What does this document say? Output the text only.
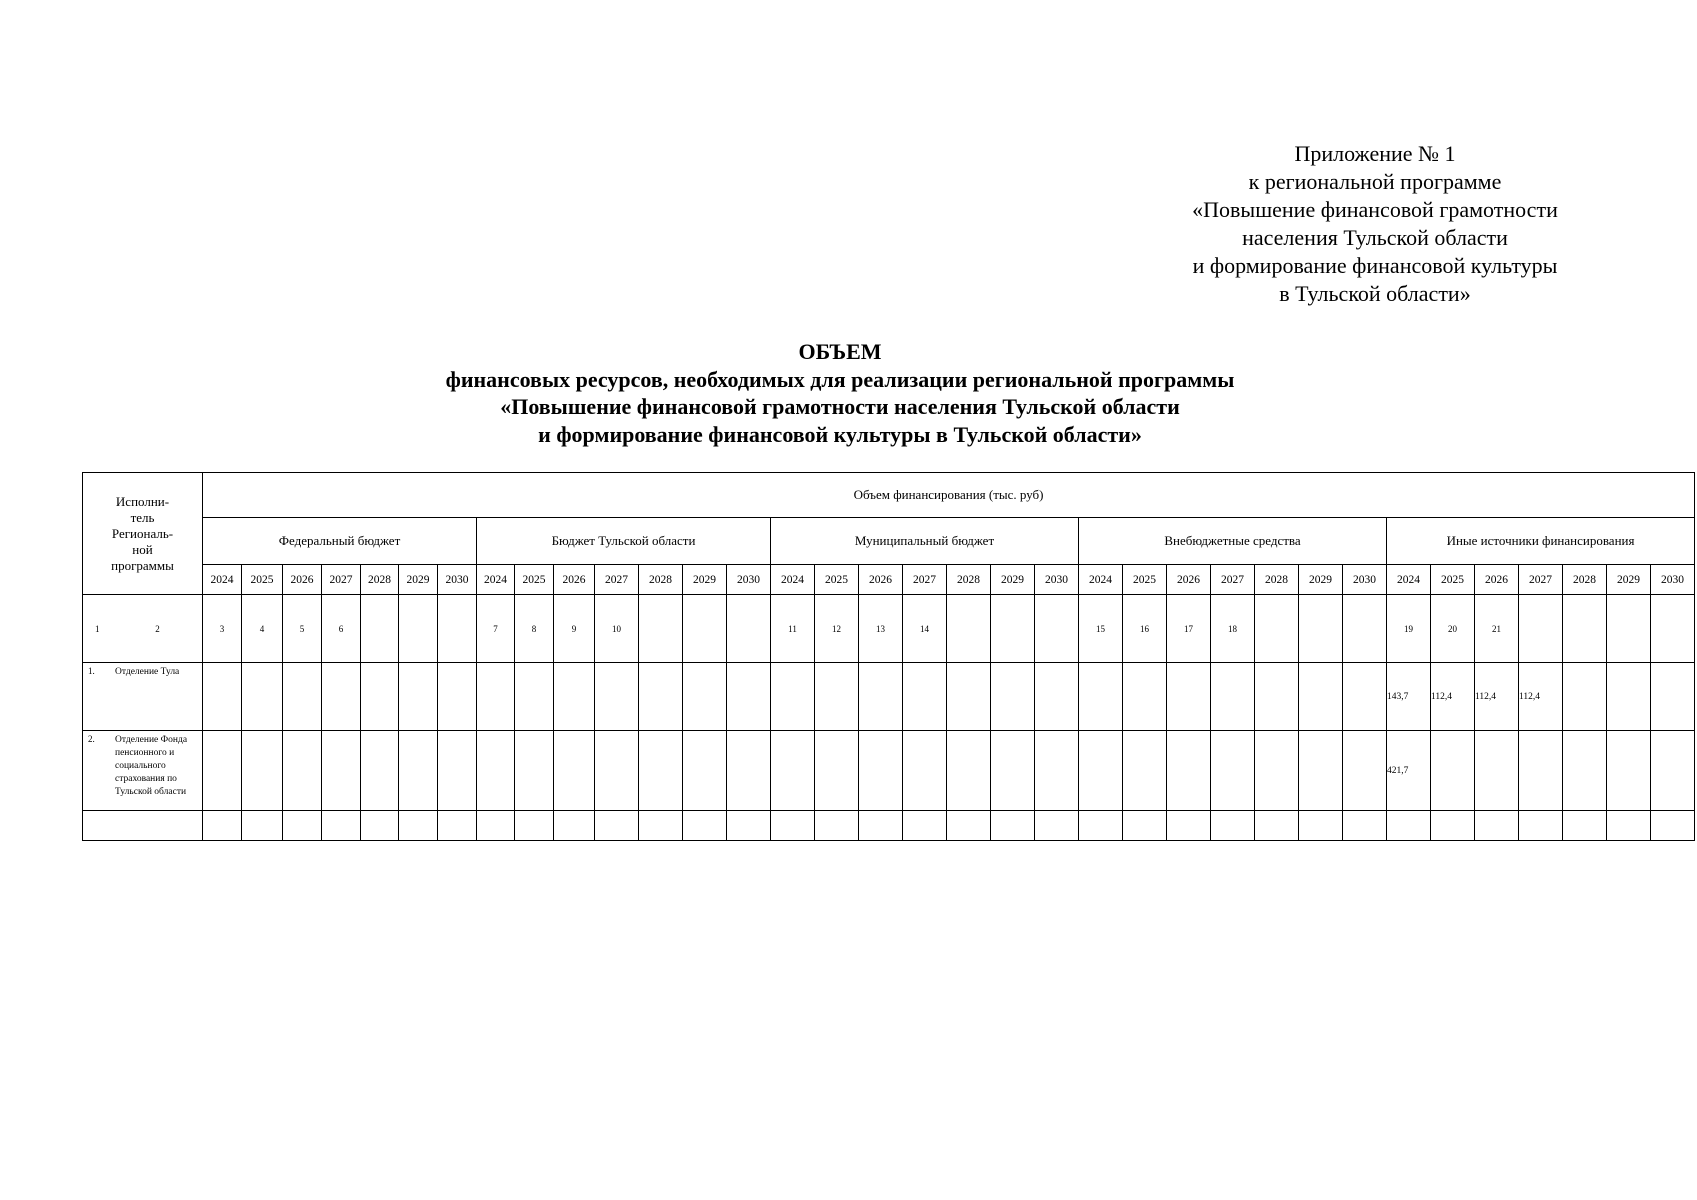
Приложение № 1
к региональной программе
«Повышение финансовой грамотности
населения Тульской области
и формирование финансовой культуры
в Тульской области»
ОБЪЕМ
финансовых ресурсов, необходимых для реализации региональной программы
«Повышение финансовой грамотности населения Тульской области
и формирование финансовой культуры в Тульской области»
Исполни-
тель
Региональ-
ной
программы	Объем финансирования (тыс. руб)																																		
	Федеральный бюджет							Бюджет Тульской области							Муниципальный бюджет							Внебюджетные средства							Иные источники финансирования						
	2024	2025	2026	2027	2028	2029	2030	2024	2025	2026	2027	2028	2029	2030	2024	2025	2026	2027	2028	2029	2030	2024	2025	2026	2027	2028	2029	2030	2024	2025	2026	2027	2028	2029	2030

1 2	3	4	5	6				7	8	9	10				11	12	13	14				15	16	17	18				19	20	21				

1. Отделение Тула																													143,7	112,4	112,4	112,4			

2. Отделение Фонда пенсионного и социального страхования по Тульской области																													421,7						
